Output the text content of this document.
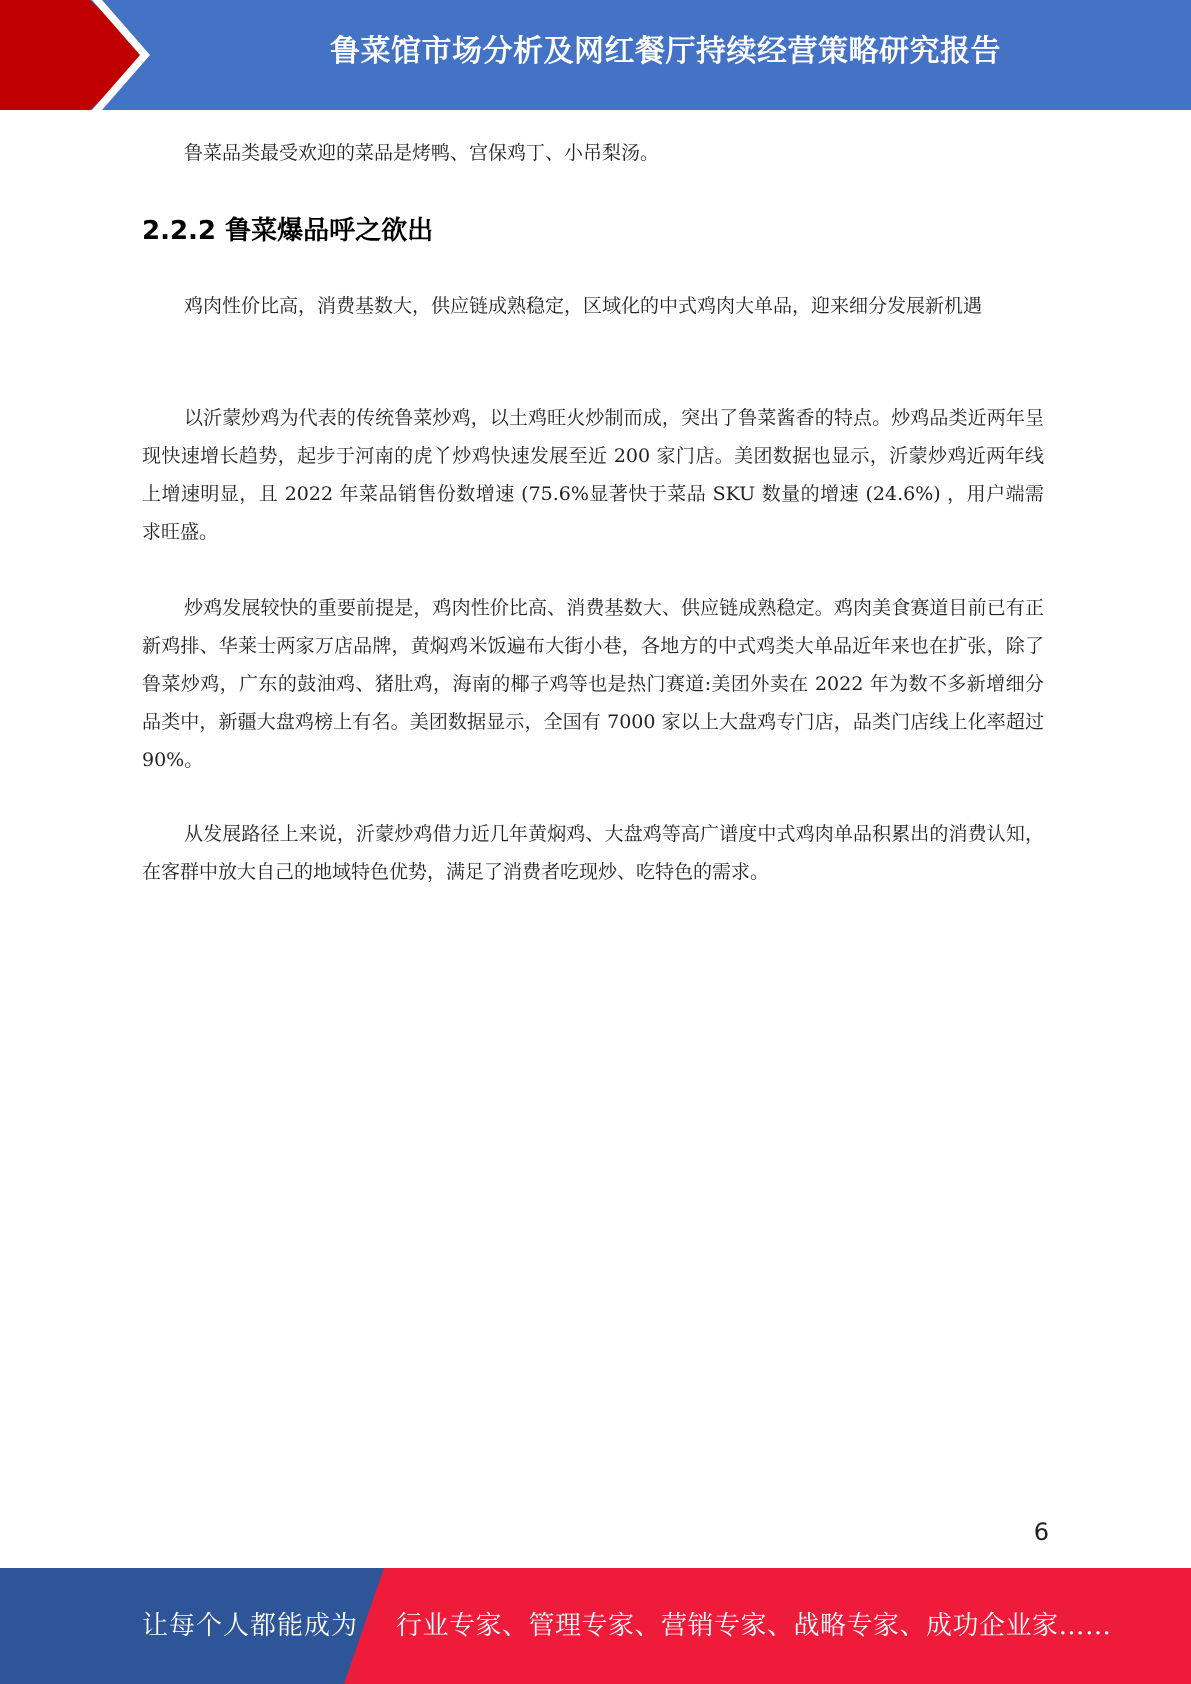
鲁菜馆市场分析及网红餐厅持续经营策略研究报告

鲁菜品类最受欢迎的菜品是烤鸭、宫保鸡丁、小吊梨汤。

2.2.2 鲁菜爆品呼之欲出

鸡肉性价比高，消费基数大，供应链成熟稳定，区域化的中式鸡肉大单品，迎来细分发展新机遇

以沂蒙炒鸡为代表的传统鲁菜炒鸡，以土鸡旺火炒制而成，突出了鲁菜酱香的特点。炒鸡品类近两年呈现快速增长趋势，起步于河南的虎丫炒鸡快速发展至近 200 家门店。美团数据也显示，沂蒙炒鸡近两年线上增速明显，且 2022 年菜品销售份数增速 (75.6%显著快于菜品 SKU 数量的增速 (24.6%) ，用户端需求旺盛。

炒鸡发展较快的重要前提是，鸡肉性价比高、消费基数大、供应链成熟稳定。鸡肉美食赛道目前已有正新鸡排、华莱士两家万店品牌，黄焖鸡米饭遍布大街小巷，各地方的中式鸡类大单品近年来也在扩张，除了鲁菜炒鸡，广东的鼓油鸡、猪肚鸡，海南的椰子鸡等也是热门赛道:美团外卖在 2022 年为数不多新增细分品类中，新疆大盘鸡榜上有名。美团数据显示，全国有 7000 家以上大盘鸡专门店，品类门店线上化率超过 90%。

从发展路径上来说，沂蒙炒鸡借力近几年黄焖鸡、大盘鸡等高广谱度中式鸡肉单品积累出的消费认知，在客群中放大自己的地域特色优势，满足了消费者吃现炒、吃特色的需求。

6
让每个人都能成为 行业专家、管理专家、营销专家、战略专家、成功企业家……
